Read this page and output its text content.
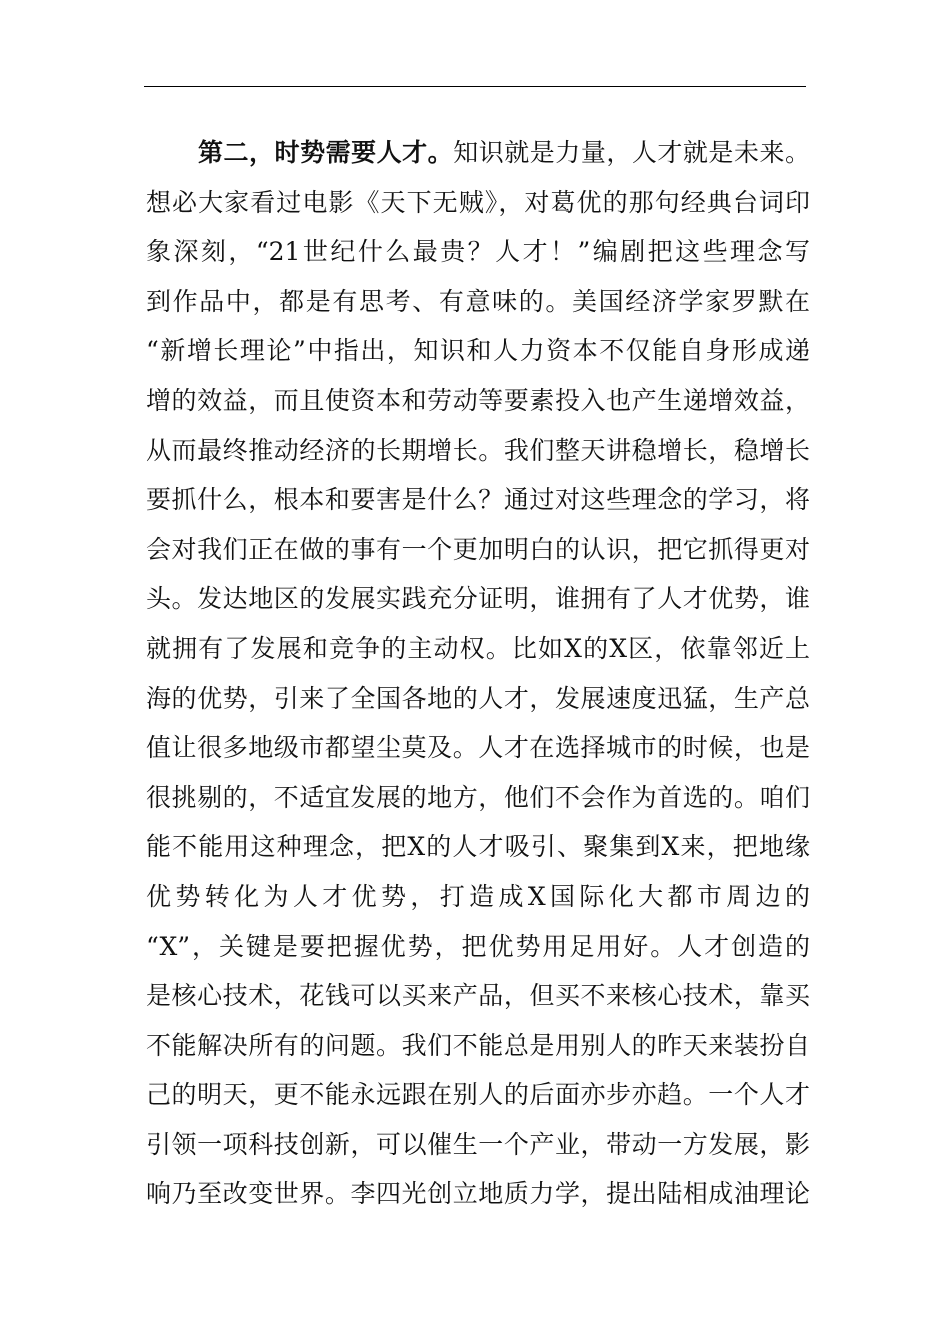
第二，时势需要人才。知识就是力量，人才就是未来。
想必大家看过电影《天下无贼》，对葛优的那句经典台词印
象深刻，“21世纪什么最贵？人才！”编剧把这些理念写
到作品中，都是有思考、有意味的。美国经济学家罗默在
“新增长理论”中指出，知识和人力资本不仅能自身形成递
增的效益，而且使资本和劳动等要素投入也产生递增效益，
从而最终推动经济的长期增长。我们整天讲稳增长，稳增长
要抓什么，根本和要害是什么？通过对这些理念的学习，将
会对我们正在做的事有一个更加明白的认识，把它抓得更对
头。发达地区的发展实践充分证明，谁拥有了人才优势，谁
就拥有了发展和竞争的主动权。比如X的X区，依靠邻近上
海的优势，引来了全国各地的人才，发展速度迅猛，生产总
值让很多地级市都望尘莫及。人才在选择城市的时候，也是
很挑剔的，不适宜发展的地方，他们不会作为首选的。咱们
能不能用这种理念，把X的人才吸引、聚集到X来，把地缘
优势转化为人才优势，打造成X国际化大都市周边的
“X”，关键是要把握优势，把优势用足用好。人才创造的
是核心技术，花钱可以买来产品，但买不来核心技术，靠买
不能解决所有的问题。我们不能总是用别人的昨天来装扮自
己的明天，更不能永远跟在别人的后面亦步亦趋。一个人才
引领一项科技创新，可以催生一个产业，带动一方发展，影
响乃至改变世界。李四光创立地质力学，提出陆相成油理论
